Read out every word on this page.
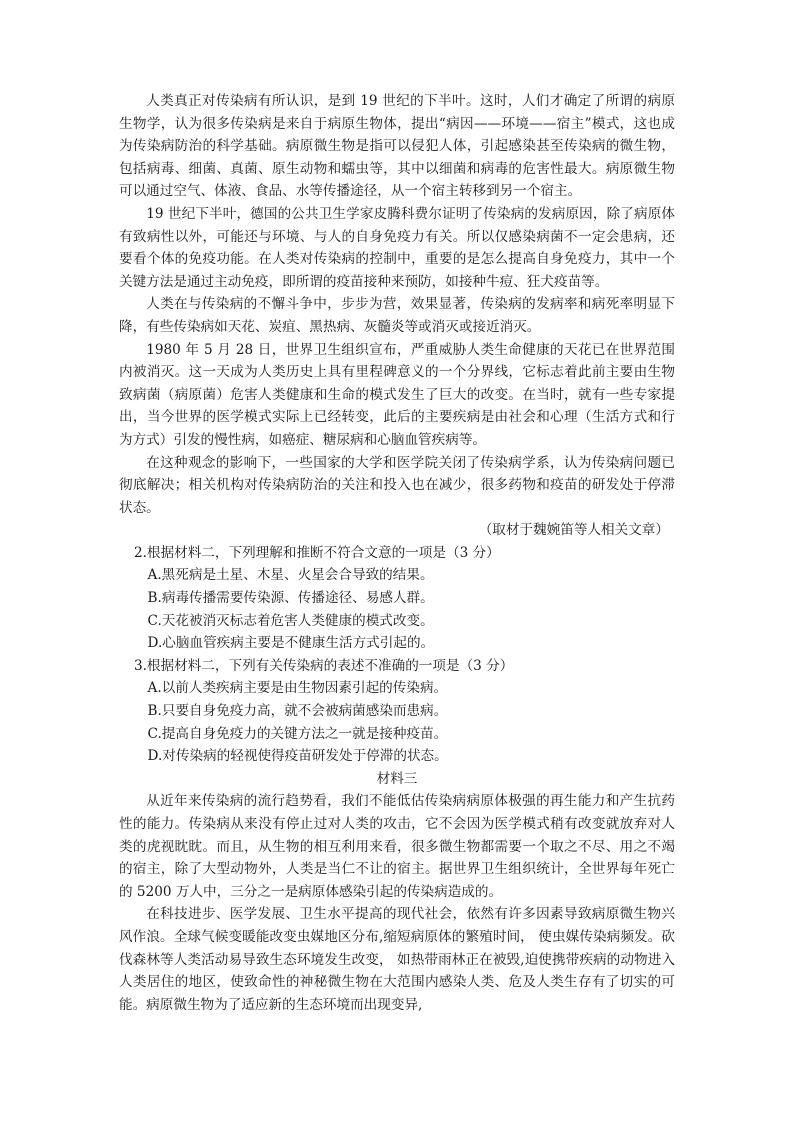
人类真正对传染病有所认识，是到 19 世纪的下半叶。这时，人们才确定了所谓的病原生物学，认为很多传染病是来自于病原生物体，提出“病因——环境——宿主”模式，这也成为传染病防治的科学基础。病原微生物是指可以侵犯人体，引起感染甚至传染病的微生物，包括病毒、细菌、真菌、原生动物和蠕虫等，其中以细菌和病毒的危害性最大。病原微生物可以通过空气、体液、食品、水等传播途径，从一个宿主转移到另一个宿主。

19 世纪下半叶，德国的公共卫生学家皮腾科费尔证明了传染病的发病原因，除了病原体有致病性以外，可能还与环境、与人的自身免疫力有关。所以仅感染病菌不一定会患病，还要看个体的免疫功能。在人类对传染病的控制中，重要的是怎么提高自身免疫力，其中一个关键方法是通过主动免疫，即所谓的疫苗接种来预防，如接种牛痘、狂犬疫苗等。

人类在与传染病的不懈斗争中，步步为营，效果显著，传染病的发病率和病死率明显下降，有些传染病如天花、炭疽、黑热病、灰髓炎等或消灭或接近消灭。

1980 年 5 月 28 日，世界卫生组织宣布，严重威胁人类生命健康的天花已在世界范围内被消灭。这一天成为人类历史上具有里程碑意义的一个分界线，它标志着此前主要由生物致病菌（病原菌）危害人类健康和生命的模式发生了巨大的改变。在当时，就有一些专家提出，当今世界的医学模式实际上已经转变，此后的主要疾病是由社会和心理（生活方式和行为方式）引发的慢性病，如癌症、糖尿病和心脑血管疾病等。

在这种观念的影响下，一些国家的大学和医学院关闭了传染病学系，认为传染病问题已彻底解决；相关机构对传染病防治的关注和投入也在减少，很多药物和疫苗的研发处于停滞状态。

（取材于魏婉笛等人相关文章）
2.根据材料二，下列理解和推断不符合文意的一项是（3 分）
A.黑死病是土星、木星、火星会合导致的结果。
B.病毒传播需要传染源、传播途径、易感人群。
C.天花被消灭标志着危害人类健康的模式改变。
D.心脑血管疾病主要是不健康生活方式引起的。
3.根据材料二，下列有关传染病的表述不准确的一项是（3 分）
A.以前人类疾病主要是由生物因素引起的传染病。
B.只要自身免疫力高，就不会被病菌感染而患病。
C.提高自身免疫力的关键方法之一就是接种疫苗。
D.对传染病的轻视使得疫苗研发处于停滞的状态。
材料三

从近年来传染病的流行趋势看，我们不能低估传染病病原体极强的再生能力和产生抗药性的能力。传染病从来没有停止过对人类的攻击，它不会因为医学模式稍有改变就放弃对人类的虎视眈眈。而且，从生物的相互利用来看，很多微生物都需要一个取之不尽、用之不竭的宿主，除了大型动物外，人类是当仁不让的宿主。据世界卫生组织统计，全世界每年死亡的 5200 万人中，三分之一是病原体感染引起的传染病造成的。

在科技进步、医学发展、卫生水平提高的现代社会，依然有许多因素导致病原微生物兴风作浪。全球气候变暖能改变虫媒地区分布,缩短病原体的繁殖时间， 使虫媒传染病频发。砍伐森林等人类活动易导致生态环境发生改变， 如热带雨林正在被毁,迫使携带疾病的动物进入人类居住的地区，使致命性的神秘微生物在大范围内感染人类、危及人类生存有了切实的可能。病原微生物为了适应新的生态环境而出现变异,
